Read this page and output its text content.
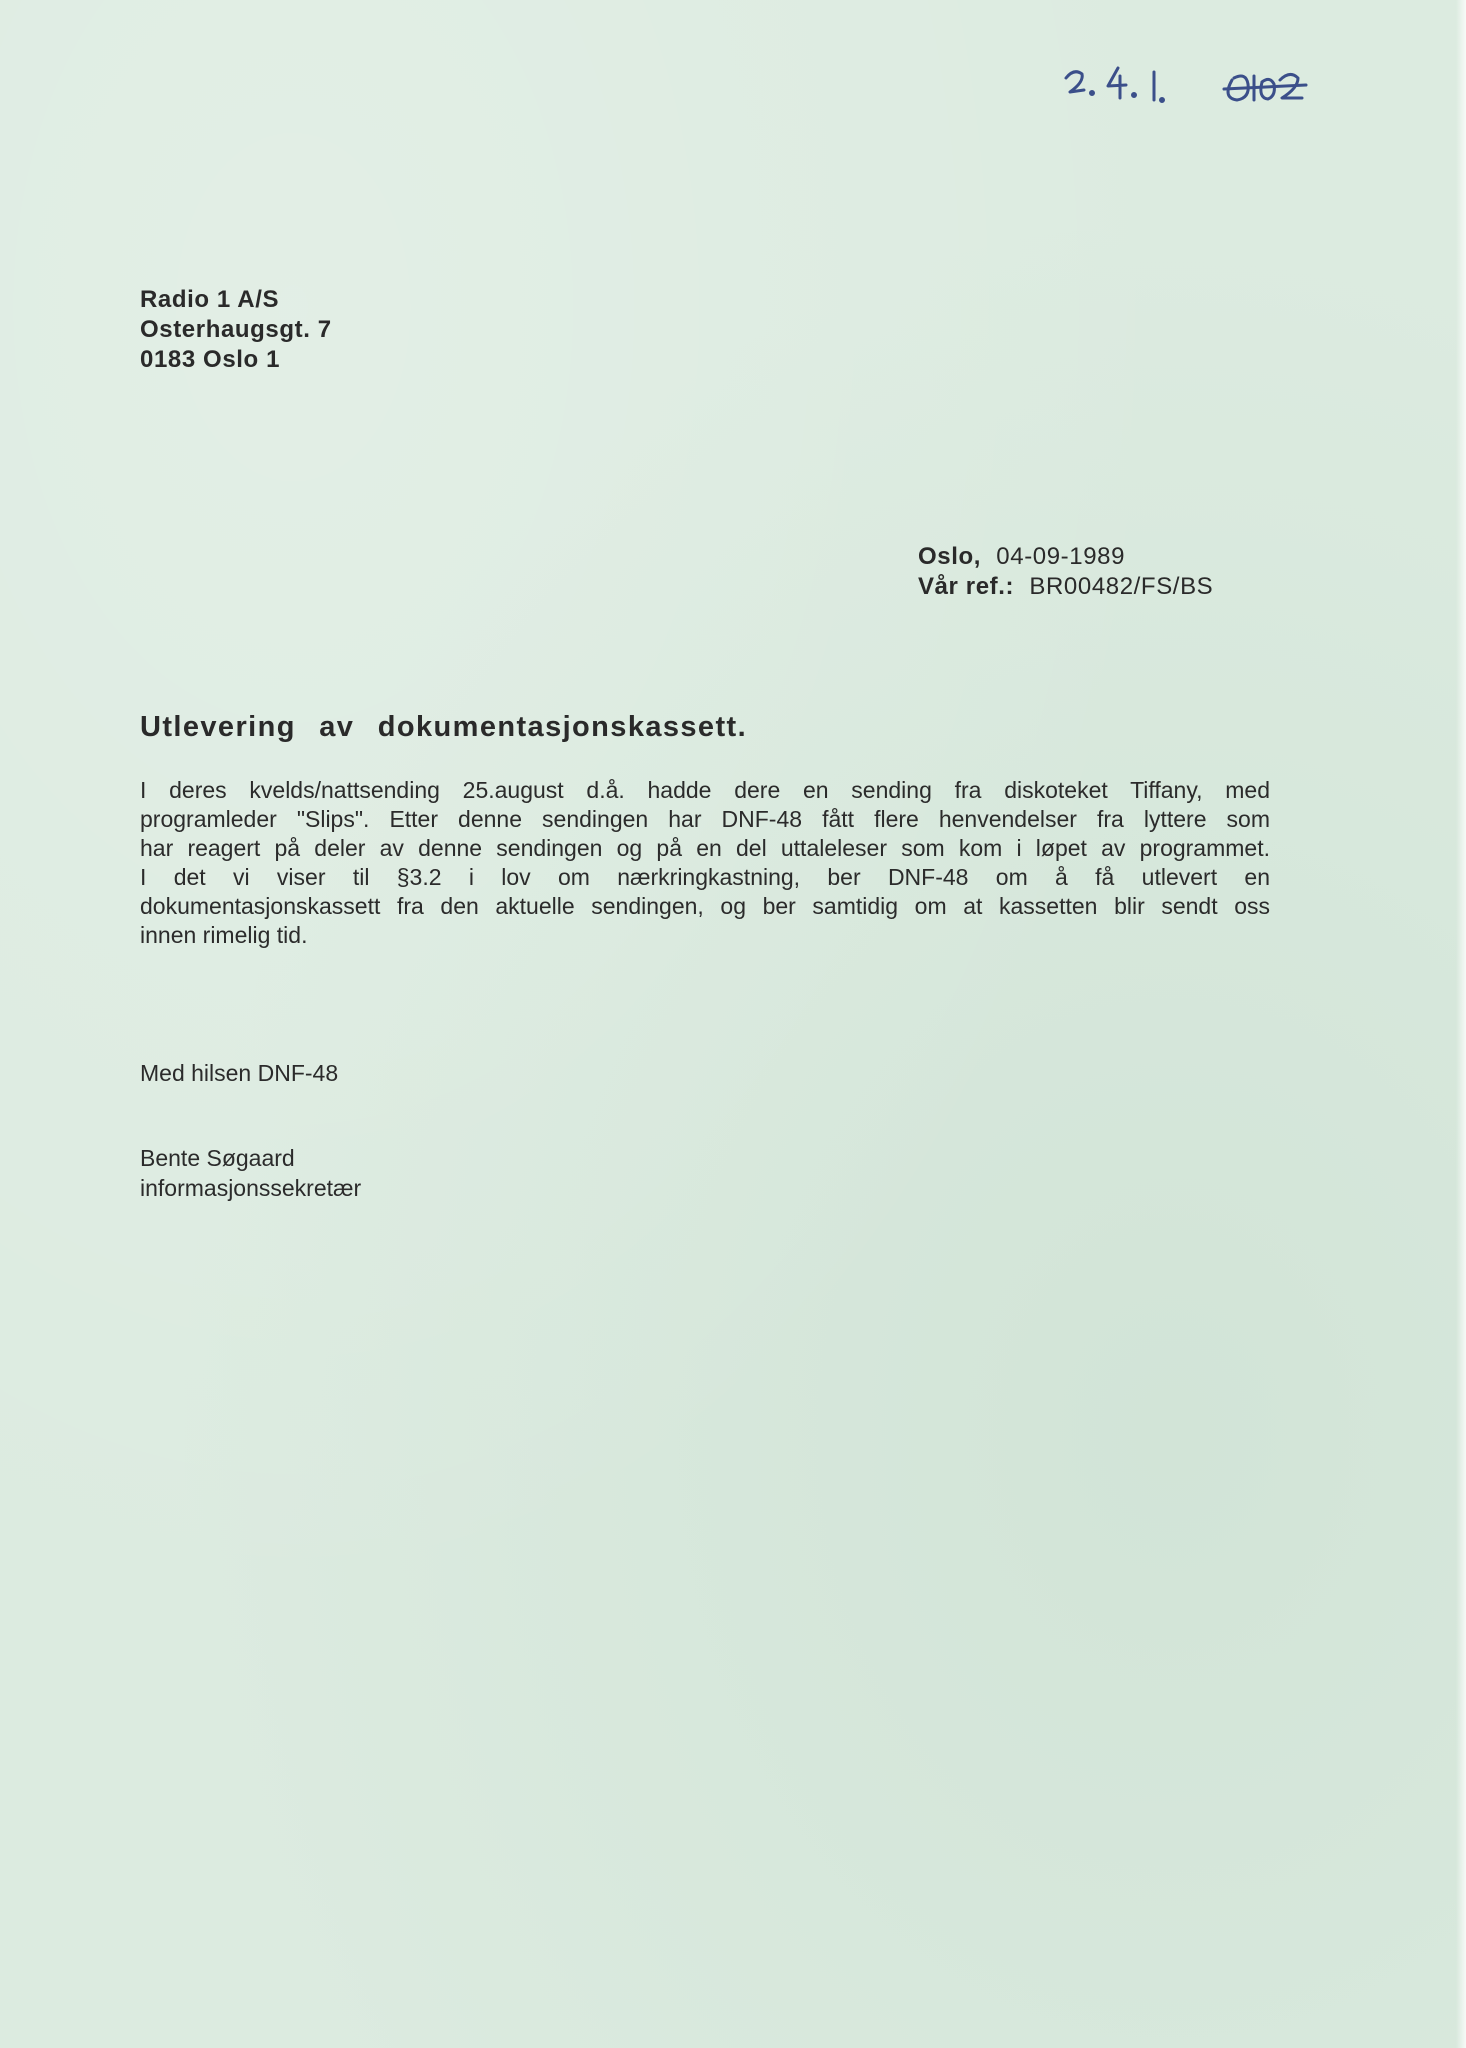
Radio 1 A/S
Osterhaugsgt. 7
0183 Oslo 1
Oslo, 04-09-1989
Vår ref.: BR00482/FS/BS
Utlevering av dokumentasjonskassett.
I deres kvelds/nattsending 25.august d.å. hadde dere en sending fra diskoteket Tiffany, med
programleder "Slips". Etter denne sendingen har DNF-48 fått flere henvendelser fra lyttere som
har reagert på deler av denne sendingen og på en del uttaleleser som kom i løpet av programmet.
I det vi viser til §3.2 i lov om nærkringkastning, ber DNF-48 om å få utlevert en
dokumentasjonskassett fra den aktuelle sendingen, og ber samtidig om at kassetten blir sendt oss
innen rimelig tid.
Med hilsen DNF-48
Bente Søgaard
informasjonssekretær
